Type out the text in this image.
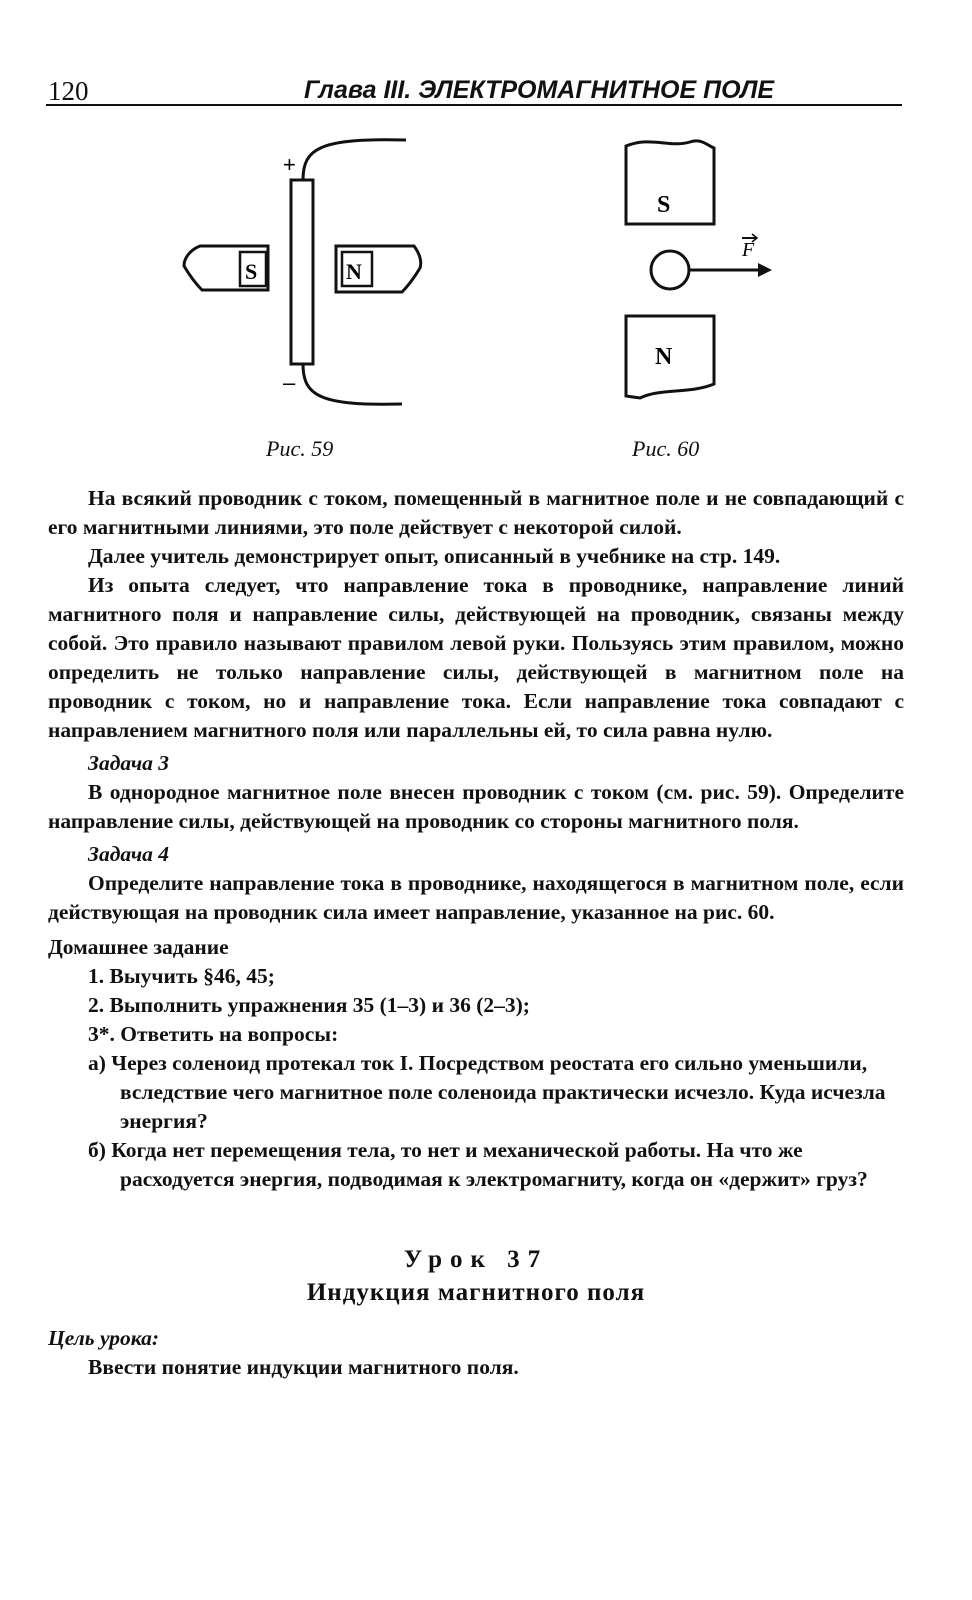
120	Глава III. ЭЛЕКТРОМАГНИТНОЕ ПОЛЕ
+
–
S	N
Рис. 59
S
F
N
Рис. 60

На всякий проводник с током, помещенный в магнитное поле и не совпадающий с его магнитными линиями, это поле действует с некоторой силой.

Далее учитель демонстрирует опыт, описанный в учебнике на стр. 149.

Из опыта следует, что направление тока в проводнике, направление линий магнитного поля и направление силы, действующей на проводник, связаны между собой. Это правило называют правилом левой руки. Пользуясь этим правилом, можно определить не только направление силы, действующей в магнитном поле на проводник с током, но и направление тока. Если направление тока совпадают с направлением магнитного поля или параллельны ей, то сила равна нулю.

Задача 3

В однородное магнитное поле внесен проводник с током (см. рис. 59). Определите направление силы, действующей на проводник со стороны магнитного поля.

Задача 4

Определите направление тока в проводнике, находящегося в магнитном поле, если действующая на проводник сила имеет направление, указанное на рис. 60.

Домашнее задание
1. Выучить §46, 45;
2. Выполнить упражнения 35 (1–3) и 36 (2–3);
3*. Ответить на вопросы:
а) Через соленоид протекал ток I. Посредством реостата его сильно уменьшили, вследствие чего магнитное поле соленоида практически исчезло. Куда исчезла энергия?
б) Когда нет перемещения тела, то нет и механической работы. На что же расходуется энергия, подводимая к электромагниту, когда он «держит» груз?
Урок 37
Индукция магнитного поля
Цель урока:

Ввести понятие индукции магнитного поля.
